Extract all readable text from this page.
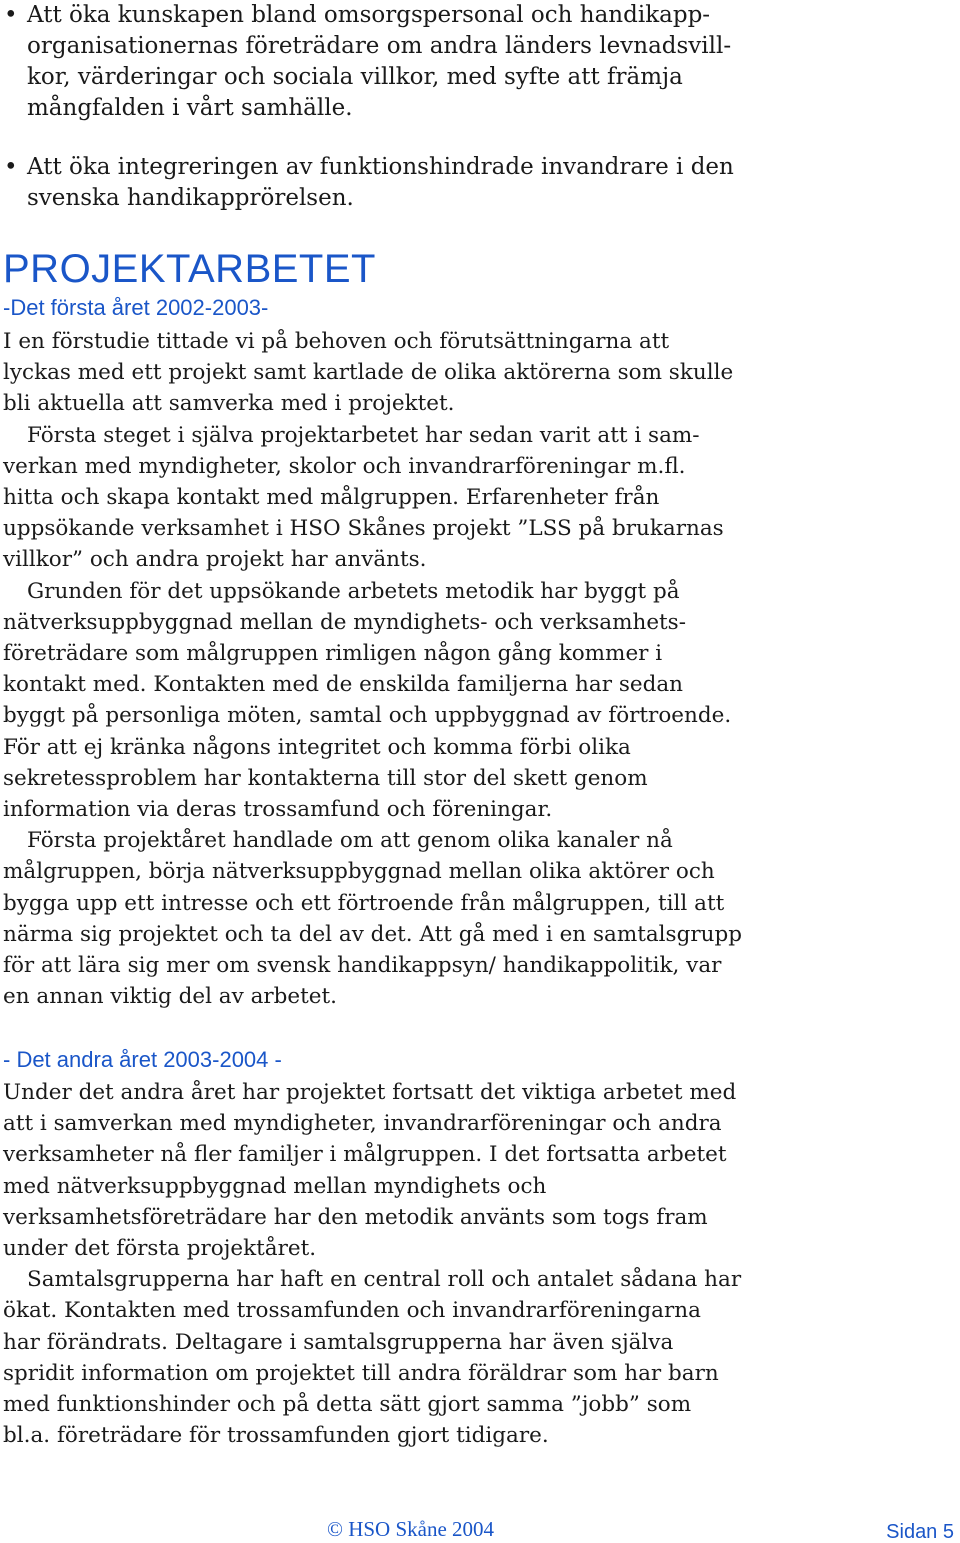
• Att öka kunskapen bland omsorgspersonal och handikapporganisationernas företrädare om andra länders levnadsvillkor, värderingar och sociala villkor, med syfte att främja mångfalden i vårt samhälle.
• Att öka integreringen av funktionshindrade invandrare i den svenska handikapprörelsen.
PROJEKTARBETET
-Det första året 2002-2003-

I en förstudie tittade vi på behoven och förutsättningarna att lyckas med ett projekt samt kartlade de olika aktörerna som skulle bli aktuella att samverka med i projektet.

Första steget i själva projektarbetet har sedan varit att i samverkan med myndigheter, skolor och invandrarföreningar m.fl. hitta och skapa kontakt med målgruppen. Erfarenheter från uppsökande verksamhet i HSO Skånes projekt ”LSS på brukarnas villkor” och andra projekt har använts.

Grunden för det uppsökande arbetets metodik har byggt på nätverksuppbyggnad mellan de myndighets- och verksamhetsföreträdare som målgruppen rimligen någon gång kommer i kontakt med. Kontakten med de enskilda familjerna har sedan byggt på personliga möten, samtal och uppbyggnad av förtroende. För att ej kränka någons integritet och komma förbi olika sekretessproblem har kontakterna till stor del skett genom information via deras trossamfund och föreningar.

Första projektåret handlade om att genom olika kanaler nå målgruppen, börja nätverksuppbyggnad mellan olika aktörer och bygga upp ett intresse och ett förtroende från målgruppen, till att närma sig projektet och ta del av det. Att gå med i en samtalsgrupp för att lära sig mer om svensk handikappsyn/ handikappolitik, var en annan viktig del av arbetet.

- Det andra året 2003-2004 -

Under det andra året har projektet fortsatt det viktiga arbetet med att i samverkan med myndigheter, invandrarföreningar och andra verksamheter nå fler familjer i målgruppen. I det fortsatta arbetet med nätverksuppbyggnad mellan myndighets och verksamhetsföreträdare har den metodik använts som togs fram under det första projektåret.

Samtalsgrupperna har haft en central roll och antalet sådana har ökat. Kontakten med trossamfunden och invandrarföreningarna har förändrats. Deltagare i samtalsgrupperna har även själva spridit information om projektet till andra föräldrar som har barn med funktionshinder och på detta sätt gjort samma ”jobb” som bl.a. företrädare för trossamfunden gjort tidigare.

© HSO Skåne 2004	Sidan 5
